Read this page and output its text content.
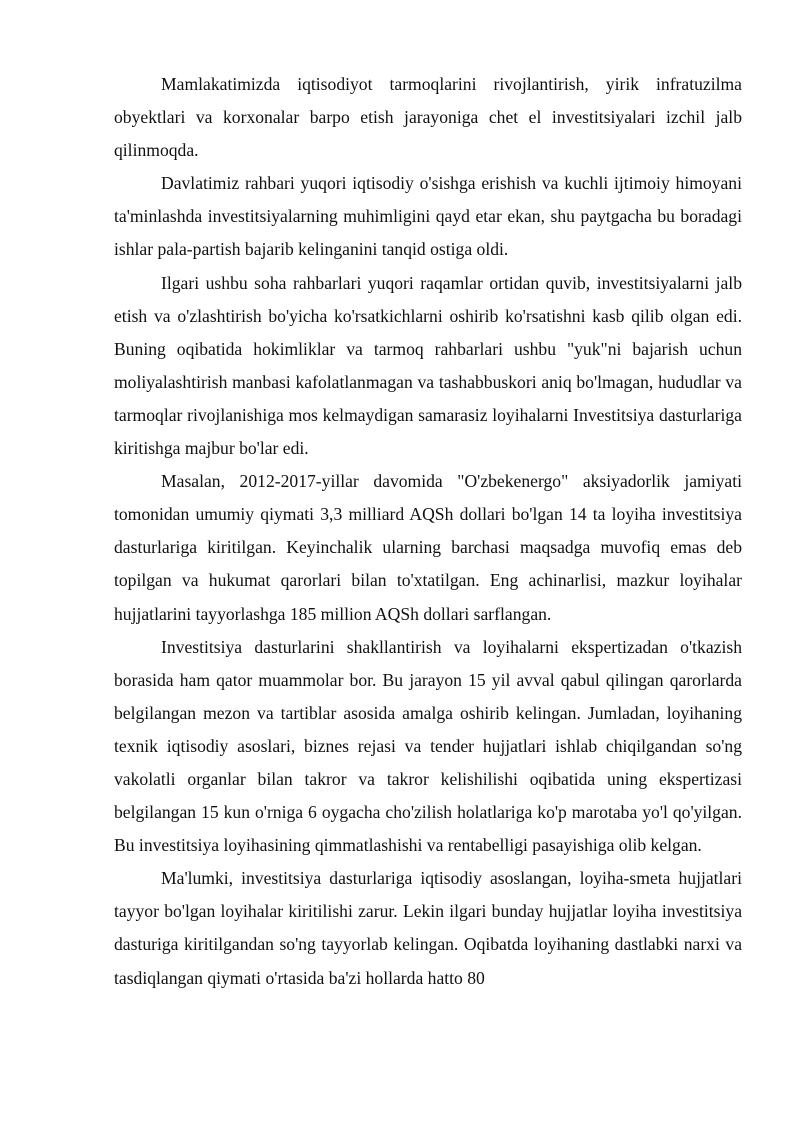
Mamlakatimizda iqtisodiyot tarmoqlarini rivojlantirish, yirik infratuzilma obyektlari va korxonalar barpo etish jarayoniga chet el investitsiyalari izchil jalb qilinmoqda.

Davlatimiz rahbari yuqori iqtisodiy o'sishga erishish va kuchli ijtimoiy himoyani ta'minlashda investitsiyalarning muhimligini qayd etar ekan, shu paytgacha bu boradagi ishlar pala-partish bajarib kelinganini tanqid ostiga oldi.

Ilgari ushbu soha rahbarlari yuqori raqamlar ortidan quvib, investitsiyalarni jalb etish va o'zlashtirish bo'yicha ko'rsatkichlarni oshirib ko'rsatishni kasb qilib olgan edi. Buning oqibatida hokimliklar va tarmoq rahbarlari ushbu "yuk"ni bajarish uchun moliyalashtirish manbasi kafolatlanmagan va tashabbuskori aniq bo'lmagan, hududlar va tarmoqlar rivojlanishiga mos kelmaydigan samarasiz loyihalarni Investitsiya dasturlariga kiritishga majbur bo'lar edi.

Masalan, 2012-2017-yillar davomida "O'zbekenergo" aksiyadorlik jamiyati tomonidan umumiy qiymati 3,3 milliard AQSh dollari bo'lgan 14 ta loyiha investitsiya dasturlariga kiritilgan. Keyinchalik ularning barchasi maqsadga muvofiq emas deb topilgan va hukumat qarorlari bilan to'xtatilgan. Eng achinarlisi, mazkur loyihalar hujjatlarini tayyorlashga 185 million AQSh dollari sarflangan.

Investitsiya dasturlarini shakllantirish va loyihalarni ekspertizadan o'tkazish borasida ham qator muammolar bor. Bu jarayon 15 yil avval qabul qilingan qarorlarda belgilangan mezon va tartiblar asosida amalga oshirib kelingan. Jumladan, loyihaning texnik iqtisodiy asoslari, biznes rejasi va tender hujjatlari ishlab chiqilgandan so'ng vakolatli organlar bilan takror va takror kelishilishi oqibatida uning ekspertizasi belgilangan 15 kun o'rniga 6 oygacha cho'zilish holatlariga ko'p marotaba yo'l qo'yilgan. Bu investitsiya loyihasining qimmatlashishi va rentabelligi pasayishiga olib kelgan.

Ma'lumki, investitsiya dasturlariga iqtisodiy asoslangan, loyiha-smeta hujjatlari tayyor bo'lgan loyihalar kiritilishi zarur. Lekin ilgari bunday hujjatlar loyiha investitsiya dasturiga kiritilgandan so'ng tayyorlab kelingan. Oqibatda loyihaning dastlabki narxi va tasdiqlangan qiymati o'rtasida ba'zi hollarda hatto 80
